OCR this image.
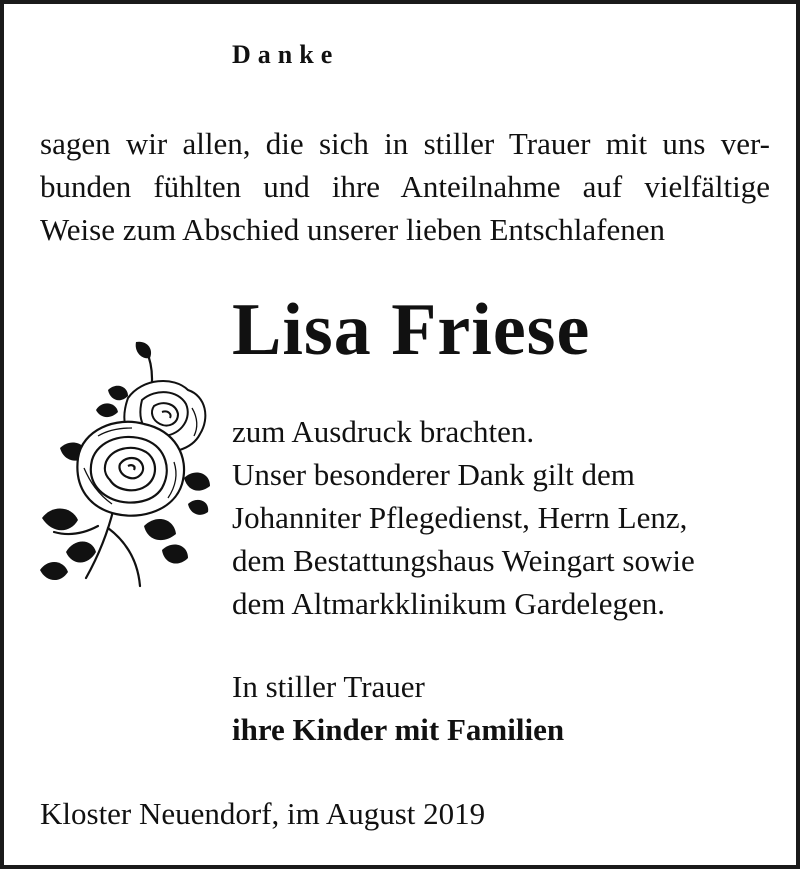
Danke

sagen wir allen, die sich in stiller Trauer mit uns ver-
bunden fühlten und ihre Anteilnahme auf vielfältige
Weise zum Abschied unserer lieben Entschlafenen

Lisa Friese

zum Ausdruck brachten.
Unser besonderer Dank gilt dem
Johanniter Pflegedienst, Herrn Lenz,
dem Bestattungshaus Weingart sowie
dem Altmarkklinikum Gardelegen.

In stiller Trauer
ihre Kinder mit Familien
Kloster Neuendorf, im August 2019
